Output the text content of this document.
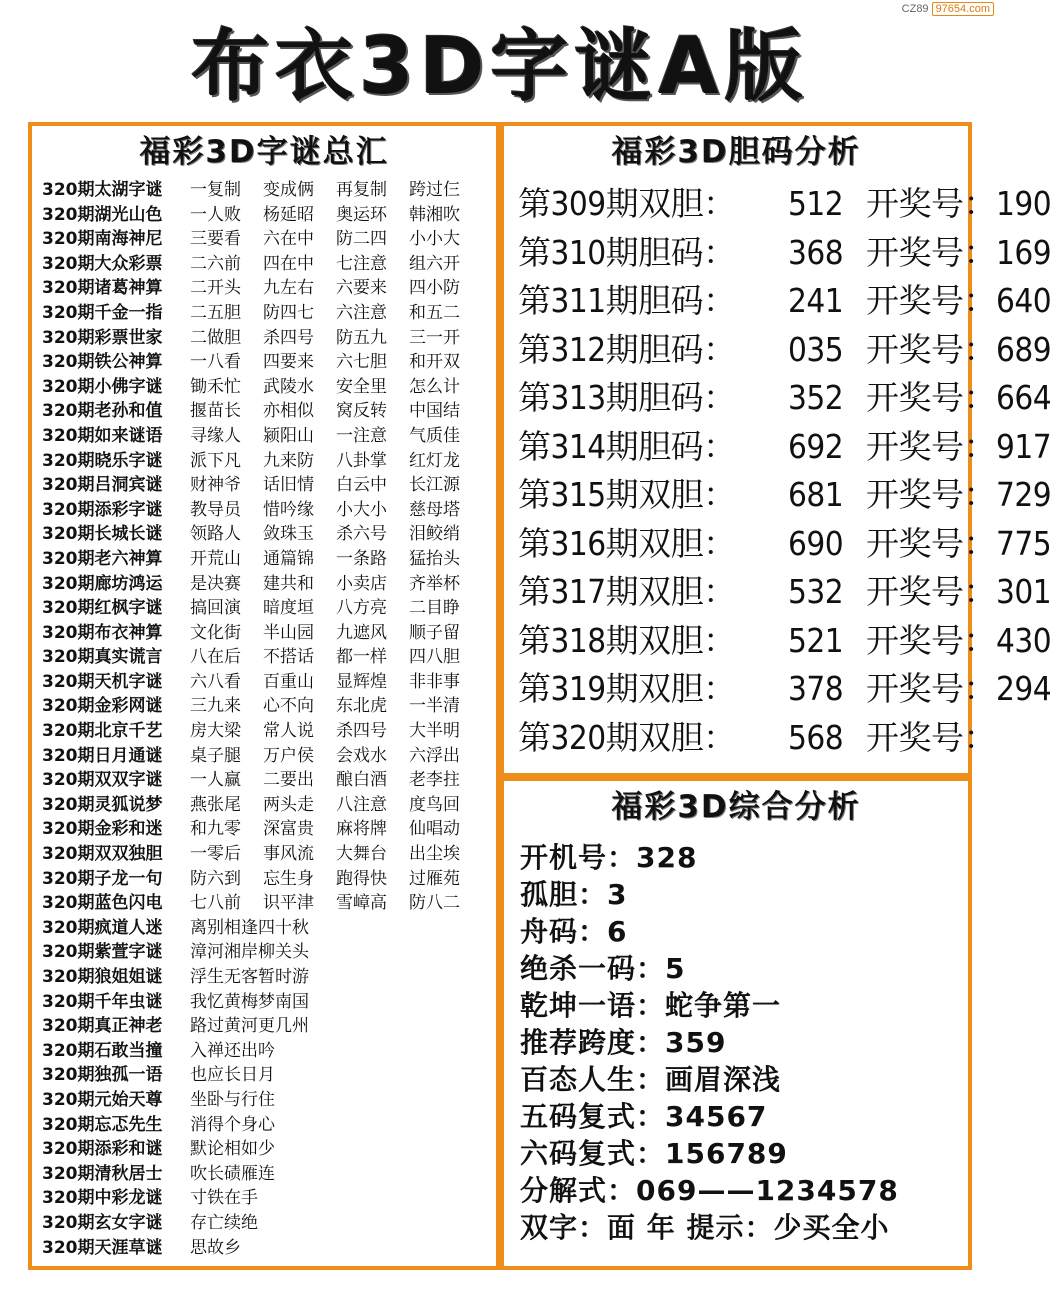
CZ89 97654.com
布衣3D字谜A版
福彩3D字谜总汇
320期太湖字谜	一复制	变成俩	再复制	跨过仨
320期湖光山色	一人败	杨延昭	奥运环	韩湘吹
320期南海神尼	三要看	六在中	防二四	小小大
320期大众彩票	二六前	四在中	七注意	组六开
320期诸葛神算	二开头	九左右	六要来	四小防
320期千金一指	二五胆	防四七	六注意	和五二
320期彩票世家	二做胆	杀四号	防五九	三一开
320期铁公神算	一八看	四要来	六七胆	和开双
320期小佛字谜	锄禾忙	武陵水	安全里	怎么计
320期老孙和值	揠苗长	亦相似	窝反转	中国结
320期如来谜语	寻缘人	颍阳山	一注意	气质佳
320期晓乐字谜	派下凡	九来防	八卦掌	红灯龙
320期吕洞宾谜	财神爷	话旧情	白云中	长江源
320期添彩字谜	教导员	惜吟缘	小大小	慈母塔
320期长城长谜	领路人	敛珠玉	杀六号	泪鲛绡
320期老六神算	开荒山	通篇锦	一条路	猛抬头
320期廊坊鸿运	是决赛	建共和	小卖店	齐举杯
320期红枫字谜	搞回演	暗度垣	八方亮	二目睁
320期布衣神算	文化街	半山园	九遮风	顺子留
320期真实谎言	八在后	不搭话	都一样	四八胆
320期天机字谜	六八看	百重山	显辉煌	非非事
320期金彩网谜	三九来	心不向	东北虎	一半清
320期北京千艺	房大梁	常人说	杀四号	大半明
320期日月通谜	桌子腿	万户侯	会戏水	六浮出
320期双双字谜	一人赢	二要出	酿白酒	老李拄
320期灵狐说梦	燕张尾	两头走	八注意	度鸟回
320期金彩和迷	和九零	深富贵	麻将牌	仙唱动
320期双双独胆	一零后	事风流	大舞台	出尘埃
320期子龙一句	防六到	忘生身	跑得快	过雁苑
320期蓝色闪电	七八前	识平津	雪嶂高	防八二
320期疯道人迷	离别相逢四十秋
320期紫萱字谜	漳河湘岸柳关头
320期狼姐姐谜	浮生无客暂时游
320期千年虫谜	我忆黄梅梦南国
320期真正神老	路过黄河更几州
320期石敢当撞	入禅还出吟
320期独孤一语	也应长日月
320期元始天尊	坐卧与行住
320期忘忑先生	消得个身心
320期添彩和谜	默论相如少
320期清秋居士	吹长碛雁连
320期中彩龙谜	寸铁在手
320期玄女字谜	存亡续绝
320期天涯草谜	思故乡
福彩3D胆码分析
第309期双胆： 512 开奖号：190
第310期胆码： 368 开奖号：169
第311期胆码： 241 开奖号：640
第312期胆码： 035 开奖号：689
第313期胆码： 352 开奖号：664
第314期胆码： 692 开奖号：917
第315期双胆： 681 开奖号：729
第316期双胆： 690 开奖号：775
第317期双胆： 532 开奖号：301
第318期双胆： 521 开奖号：430
第319期双胆： 378 开奖号：294
第320期双胆： 568 开奖号：
福彩3D综合分析
开机号：328
孤胆：3
舟码：6
绝杀一码：5
乾坤一语：蛇争第一
推荐跨度：359
百态人生：画眉深浅
五码复式：34567
六码复式：156789
分解式：069——1234578
双字：面 年 提示：少买全小
